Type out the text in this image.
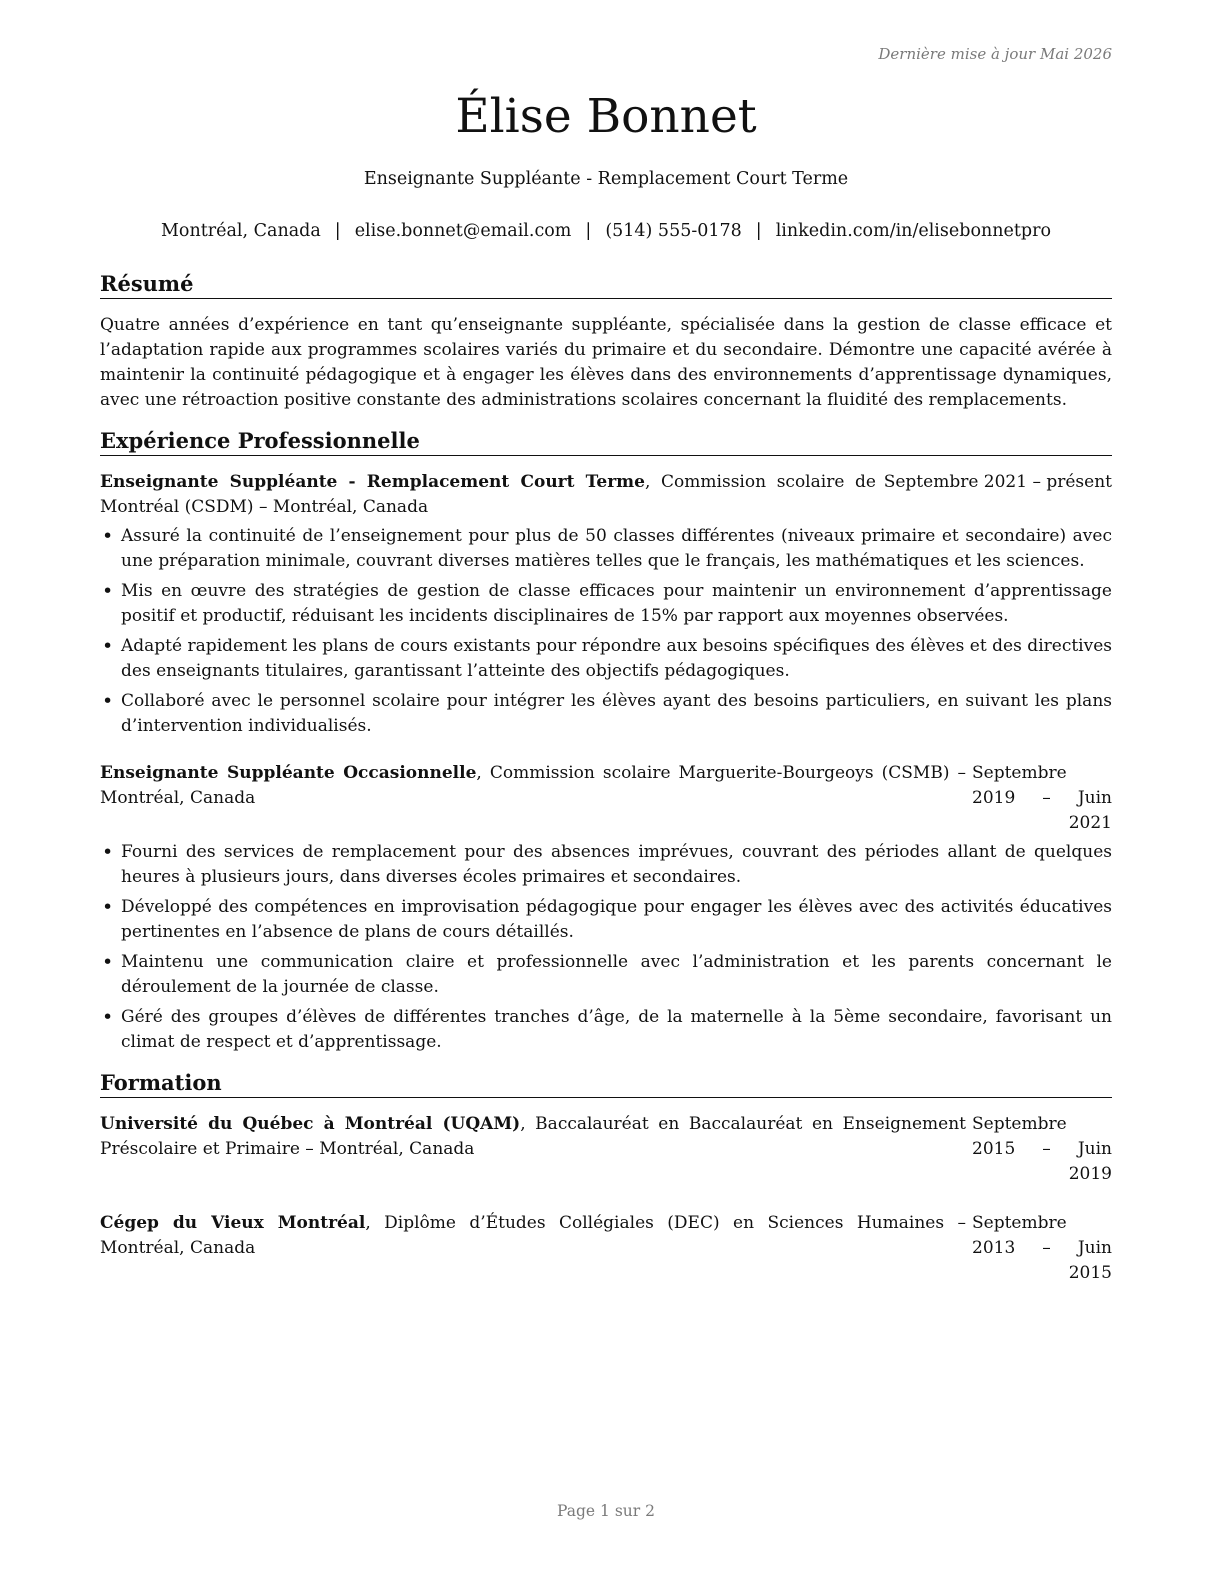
Dernière mise à jour Mai 2026
Élise Bonnet
Enseignante Suppléante - Remplacement Court Terme
Montréal, Canada | elise.bonnet@email.com | (514) 555-0178 | linkedin.com/in/elisebonnetpro
Résumé

Quatre années d’expérience en tant qu’enseignante suppléante, spécialisée dans la gestion de classe efficace et l’adaptation rapide aux programmes scolaires variés du primaire et du secondaire. Démontre une capacité avérée à maintenir la continuité pédagogique et à engager les élèves dans des environnements d’apprentissage dynamiques, avec une rétroaction positive constante des administrations scolaires concernant la fluidité des remplacements.

Expérience Professionnelle
Enseignante Suppléante - Remplacement Court Terme, Commission scolaire de Montréal (CSDM) – Montréal, Canada
Septembre 2021 – présent
• Assuré la continuité de l’enseignement pour plus de 50 classes différentes (niveaux primaire et secondaire) avec une préparation minimale, couvrant diverses matières telles que le français, les mathématiques et les sciences.
• Mis en œuvre des stratégies de gestion de classe efficaces pour maintenir un environnement d’apprentissage positif et productif, réduisant les incidents disciplinaires de 15% par rapport aux moyennes observées.
• Adapté rapidement les plans de cours existants pour répondre aux besoins spécifiques des élèves et des directives des enseignants titulaires, garantissant l’atteinte des objectifs pédagogiques.
• Collaboré avec le personnel scolaire pour intégrer les élèves ayant des besoins particuliers, en suivant les plans d’intervention individualisés.
Enseignante Suppléante Occasionnelle, Commission scolaire Marguerite-Bourgeoys (CSMB) – Montréal, Canada
Septembre 2019 – Juin 2021
• Fourni des services de remplacement pour des absences imprévues, couvrant des périodes allant de quelques heures à plusieurs jours, dans diverses écoles primaires et secondaires.
• Développé des compétences en improvisation pédagogique pour engager les élèves avec des activités éducatives pertinentes en l’absence de plans de cours détaillés.
• Maintenu une communication claire et professionnelle avec l’administration et les parents concernant le déroulement de la journée de classe.
• Géré des groupes d’élèves de différentes tranches d’âge, de la maternelle à la 5ème secondaire, favorisant un climat de respect et d’apprentissage.
Formation
Université du Québec à Montréal (UQAM), Baccalauréat en Baccalauréat en Enseignement Préscolaire et Primaire – Montréal, Canada
Septembre 2015 – Juin 2019
Cégep du Vieux Montréal, Diplôme d’Études Collégiales (DEC) en Sciences Humaines – Montréal, Canada
Septembre 2013 – Juin 2015
Page 1 sur 2
